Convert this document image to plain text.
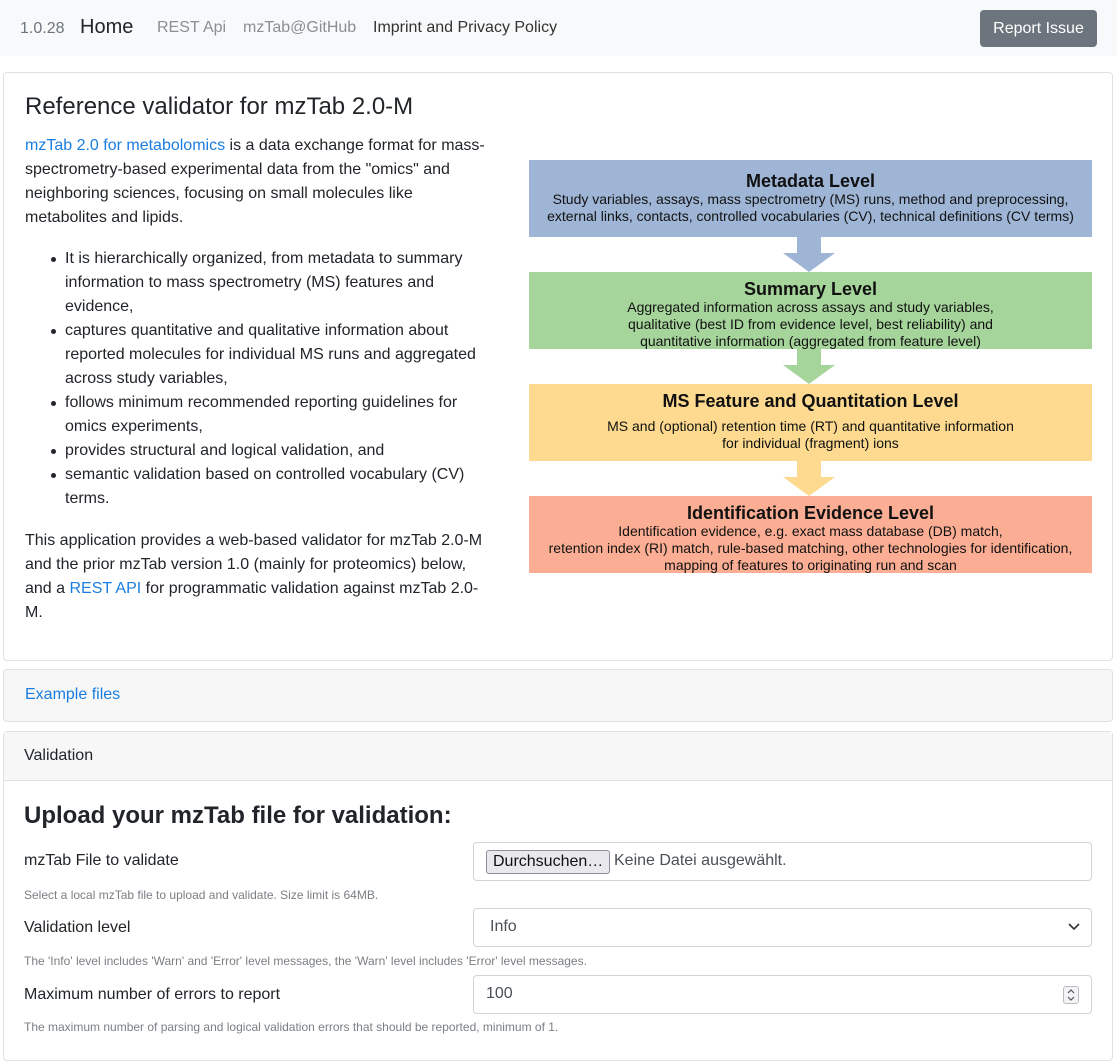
1.0.28 Home REST Api mzTab@GitHub Imprint and Privacy Policy	Report Issue
Reference validator for mzTab 2.0-M

mzTab 2.0 for metabolomics is a data exchange format for mass-spectrometry-based experimental data from the "omics" and neighboring sciences, focusing on small molecules like metabolites and lipids.

It is hierarchically organized, from metadata to summary information to mass spectrometry (MS) features and evidence,
captures quantitative and qualitative information about reported molecules for individual MS runs and aggregated across study variables,
follows minimum recommended reporting guidelines for omics experiments,
provides structural and logical validation, and
semantic validation based on controlled vocabulary (CV) terms.

This application provides a web-based validator for mzTab 2.0-M and the prior mzTab version 1.0 (mainly for proteomics) below, and a REST API for programmatic validation against mzTab 2.0-M.

Metadata Level
Study variables, assays, mass spectrometry (MS) runs, method and preprocessing,
external links, contacts, controlled vocabularies (CV), technical definitions (CV terms)
Summary Level
Aggregated information across assays and study variables,
qualitative (best ID from evidence level, best reliability) and
quantitative information (aggregated from feature level)
MS Feature and Quantitation Level
MS and (optional) retention time (RT) and quantitative information
for individual (fragment) ions
Identification Evidence Level
Identification evidence, e.g. exact mass database (DB) match,
retention index (RI) match, rule-based matching, other technologies for identification,
mapping of features to originating run and scan
Example files
Validation
Upload your mzTab file for validation:
mzTab File to validate	Durchsuchen… Keine Datei ausgewählt.
Select a local mzTab file to upload and validate. Size limit is 64MB.
Validation level	Info
The 'Info' level includes 'Warn' and 'Error' level messages, the 'Warn' level includes 'Error' level messages.
Maximum number of errors to report	100
The maximum number of parsing and logical validation errors that should be reported, minimum of 1.
